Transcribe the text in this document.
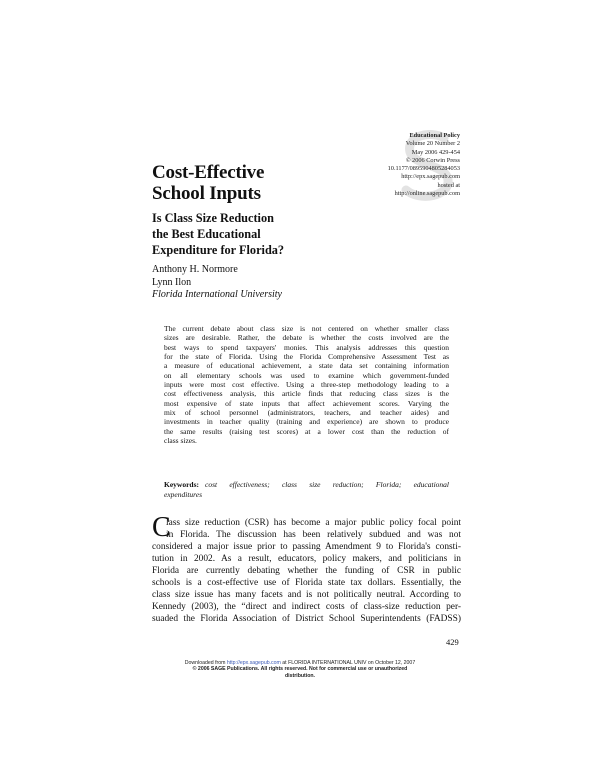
Educational Policy
Volume 20 Number 2
May 2006 429-454
© 2006 Corwin Press
10.1177/0895904805284053
http://epx.sagepub.com
hosted at
http://online.sagepub.com
Cost-Effective
School Inputs
Is Class Size Reduction
the Best Educational
Expenditure for Florida?
Anthony H. Normore
Lynn Ilon
Florida International University
The current debate about class size is not centered on whether smaller class
sizes are desirable. Rather, the debate is whether the costs involved are the
best ways to spend taxpayers' monies. This analysis addresses this question
for the state of Florida. Using the Florida Comprehensive Assessment Test as
a measure of educational achievement, a state data set containing information
on all elementary schools was used to examine which government-funded
inputs were most cost effective. Using a three-step methodology leading to a
cost effectiveness analysis, this article finds that reducing class sizes is the
most expensive of state inputs that affect achievement scores. Varying the
mix of school personnel (administrators, teachers, and teacher aides) and
investments in teacher quality (training and experience) are shown to produce
the same results (raising test scores) at a lower cost than the reduction of
class sizes.
Keywords: cost effectiveness; class size reduction; Florida; educational
expenditures
C
lass size reduction (CSR) has become a major public policy focal point
in Florida. The discussion has been relatively subdued and was not
considered a major issue prior to passing Amendment 9 to Florida's consti-
tution in 2002. As a result, educators, policy makers, and politicians in
Florida are currently debating whether the funding of CSR in public
schools is a cost-effective use of Florida state tax dollars. Essentially, the
class size issue has many facets and is not politically neutral. According to
Kennedy (2003), the “direct and indirect costs of class-size reduction per-
suaded the Florida Association of District School Superintendents (FADSS)
429
Downloaded from http://epx.sagepub.com at FLORIDA INTERNATIONAL UNIV on October 12, 2007
© 2006 SAGE Publications. All rights reserved. Not for commercial use or unauthorized
distribution.
